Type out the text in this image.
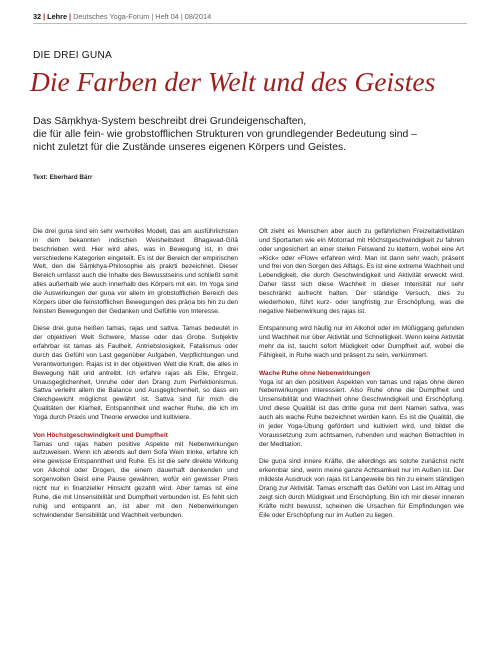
32 | Lehre | Deutsches Yoga-Forum | Heft 04 | 08/2014
DIE DREI GUṆA
Die Farben der Welt und des Geistes
Das Sāṃkhya-System beschreibt drei Grundeigenschaften,
die für alle fein- wie grobstofflichen Strukturen von grundlegender Bedeutung sind –
nicht zuletzt für die Zustände unseres eigenen Körpers und Geistes.
Text: Eberhard Bärr

Die drei guṇa sind ein sehr wertvolles Modell, das am ausführlichsten in dem bekannten indischen Weisheitstext Bhagavad-Gītā beschrieben wird. Hier wird alles, was in Bewegung ist, in drei verschiedene Kategorien eingeteilt. Es ist der Bereich der empirischen Welt, den die Sāṃkhya-Philosophie als prakṛti bezeichnet. Dieser Bereich umfasst auch die Inhalte des Bewusstseins und schließt somit alles außerhalb wie auch innerhalb des Körpers mit ein. Im Yoga sind die Auswirkungen der guṇa vor allem im grobstofflichen Bereich des Körpers über die feinstofflichen Bewegungen des prāṇa bis hin zu den feinsten Bewegungen der Gedanken und Gefühle von Interesse.

Diese drei guṇa heißen tamas, rajas und sattva. Tamas bedeutet in der objektiven Welt Schwere, Masse oder das Grobe. Subjektiv erfahrbar ist tamas als Faulheit, Antriebslosigkeit, Fatalismus oder durch das Gefühl von Last gegenüber Aufgaben, Verpflichtungen und Verantwortungen. Rajas ist in der objektiven Welt die Kraft, die alles in Bewegung hält und antreibt. Ich erfahre rajas als Eile, Ehrgeiz, Unausgeglichenheit, Unruhe oder den Drang zum Perfektionismus. Sattva verleiht allem die Balance und Ausgeglichenheit, so dass ein Gleichgewicht möglichst gewährt ist. Sattva sind für mich die Qualitäten der Klarheit, Entspanntheit und wacher Ruhe, die ich im Yoga durch Praxis und Theorie erwecke und kultiviere.

Von Höchstgeschwindigkeit und Dumpfheit

Tamas und rajas haben positive Aspekte mit Nebenwirkungen aufzuweisen. Wenn ich abends auf dem Sofa Wein trinke, erfahre ich eine gewisse Entspanntheit und Ruhe. Es ist die sehr direkte Wirkung von Alkohol oder Drogen, die einem dauerhaft denkenden und sorgenvollen Geist eine Pause gewähren, wofür ein gewisser Preis nicht nur in finanzieller Hinsicht gezahlt wird. Aber tamas ist eine Ruhe, die mit Unsensibilität und Dumpfheit verbunden ist. Es fehlt sich ruhig und entspannt an, ist aber mit den Nebenwirkungen schwindender Sensibilität und Wachheit verbunden.

Oft zieht es Menschen aber auch zu gefährlichen Freizeitaktivitäten und Sportarten wie ein Motorrad mit Höchstgeschwindigkeit zu fahren oder ungesichert an einer steilen Felswand zu klettern, wobei eine Art »Kick« oder »Flow« erfahren wird. Man ist dann sehr wach, präsent und frei von den Sorgen des Alltags. Es ist eine extreme Wachheit und Lebendigkeit, die durch Geschwindigkeit und Aktivität erweckt wird. Daher lässt sich diese Wachheit in dieser Intensität nur sehr beschränkt aufrecht halten. Der ständige Versuch, dies zu wiederholen, führt kurz- oder langfristig zur Erschöpfung, was die negative Nebenwirkung des rajas ist.

Entspannung wird häufig nur im Alkohol oder im Müßiggang gefunden und Wachheit nur über Aktivität und Schnelligkeit. Wenn keine Aktivität mehr da ist, taucht sofort Müdigkeit oder Dumpfheit auf, wobei die Fähigkeit, in Ruhe wach und präsent zu sein, verkümmert.

Wache Ruhe ohne Nebenwirkungen

Yoga ist an den positiven Aspekten von tamas und rajas ohne deren Nebenwirkungen interessiert. Also Ruhe ohne die Dumpfheit und Unsensibilität und Wachheit ohne Geschwindigkeit und Erschöpfung. Und diese Qualität ist das dritte guṇa mit dem Namen sattva, was auch als wache Ruhe bezeichnet werden kann. Es ist die Qualität, die in jeder Yoga-Übung gefördert und kultiviert wird, und bildet die Voraussetzung zum achtsamen, ruhenden und wachen Betrachten in der Meditation.

Die guṇa sind innere Kräfte, die allerdings als solche zunächst nicht erkennbar sind, wenn meine ganze Achtsamkeit nur im Außen ist. Der mildeste Ausdruck von rajas ist Langeweile bis hin zu einem ständigen Drang zur Aktivität. Tamas erschafft das Gefühl von Last im Alltag und zeigt sich durch Müdigkeit und Erschöpfung. Bin ich mir dieser inneren Kräfte nicht bewusst, scheinen die Ursachen für Empfindungen wie Eile oder Erschöpfung nur im Außen zu liegen.
